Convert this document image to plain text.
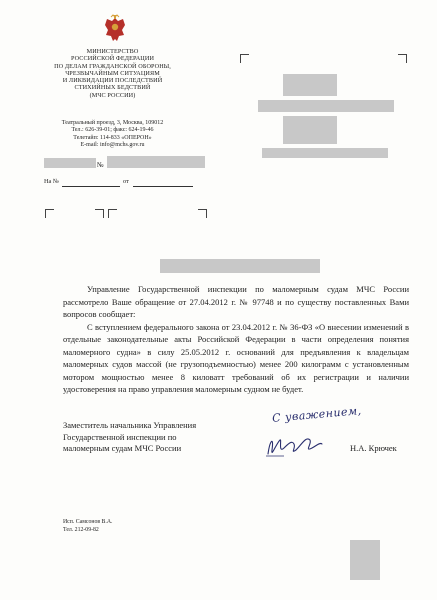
МИНИСТЕРСТВО
РОССИЙСКОЙ ФЕДЕРАЦИИ
ПО ДЕЛАМ ГРАЖДАНСКОЙ ОБОРОНЫ,
ЧРЕЗВЫЧАЙНЫМ СИТУАЦИЯМ
И ЛИКВИДАЦИИ ПОСЛЕДСТВИЙ
СТИХИЙНЫХ БЕДСТВИЙ
(МЧС РОССИИ)
Театральный проезд, 3, Москва, 109012
Тел.: 626-39-01; факс: 624-19-46
Телетайп: 114-833 «ОПЕРОН»
E-mail: info@mchs.gov.ru
№
На №	от

Управление Государственной инспекции по маломерным судам МЧС России рассмотрело Ваше обращение от 27.04.2012 г. № 97748 и по существу поставленных Вами вопросов сообщает:

С вступлением федерального закона от 23.04.2012 г. № 36-ФЗ «О внесении изменений в отдельные законодательные акты Российской Федерации в части определения понятия маломерного судна» в силу 25.05.2012 г. оснований для предъявления к владельцам маломерных судов массой (не грузоподъемностью) менее 200 килограмм с установленным мотором мощностью менее 8 киловатт требований об их регистрации и наличии удостоверения на право управления маломерным судном не будет.

С уважением,
Заместитель начальника Управления
Государственной инспекции по
маломерным судам МЧС России	Н.А. Крючек
Исп. Самсонов В.А.
Тел. 212-09-82
